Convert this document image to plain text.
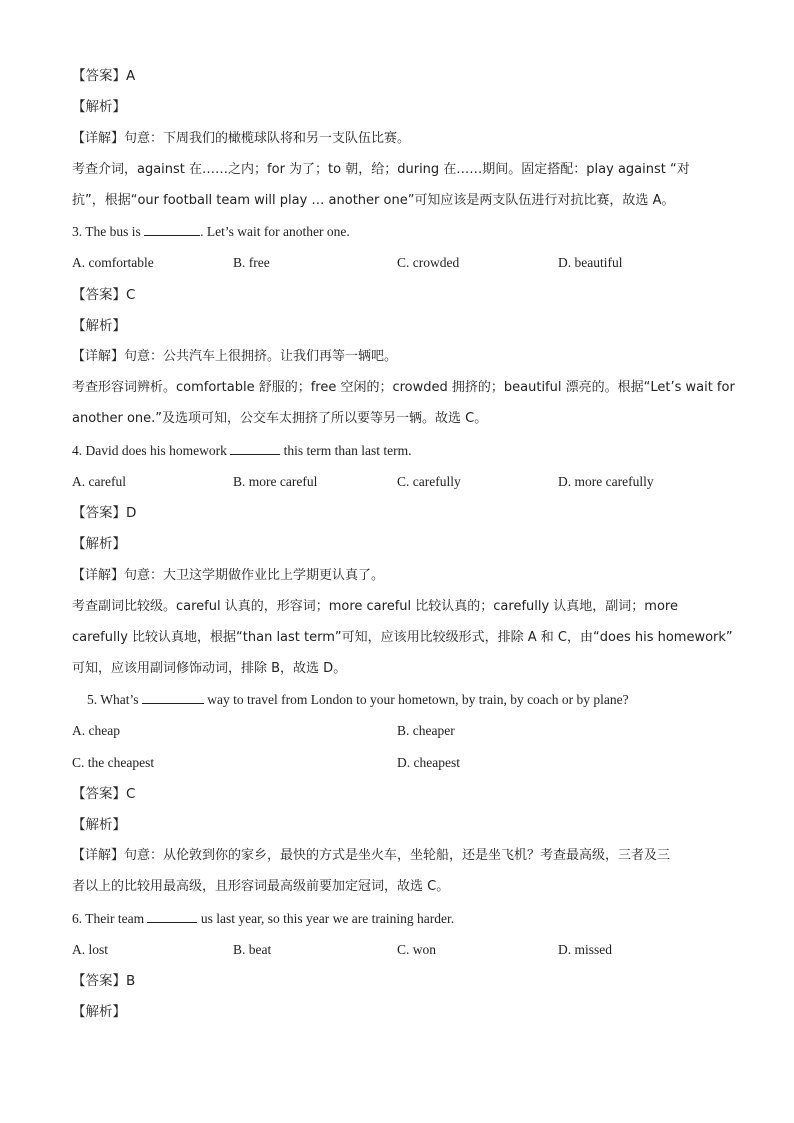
【答案】A
【解析】
【详解】句意：下周我们的橄榄球队将和另一支队伍比赛。
考查介词，against 在……之内；for 为了；to 朝，给；during 在……期间。固定搭配：play against “对
抗”，根据“our football team will play … another one”可知应该是两支队伍进行对抗比赛，故选 A。
3. The bus is	. Let’s wait for another one.
A. comfortable	B. free	C. crowded	D. beautiful
【答案】C
【解析】
【详解】句意：公共汽车上很拥挤。让我们再等一辆吧。
考查形容词辨析。comfortable 舒服的；free 空闲的；crowded 拥挤的；beautiful 漂亮的。根据“Let’s wait for
another one.”及选项可知，公交车太拥挤了所以要等另一辆。故选 C。
4. David does his homework	this term than last term.
A. careful	B. more careful	C. carefully	D. more carefully
【答案】D
【解析】
【详解】句意：大卫这学期做作业比上学期更认真了。
考查副词比较级。careful 认真的，形容词；more careful 比较认真的；carefully 认真地，副词；more
carefully 比较认真地，根据“than last term”可知，应该用比较级形式，排除 A 和 C，由“does his homework”
可知，应该用副词修饰动词，排除 B，故选 D。
5. What’s	way to travel from London to your hometown, by train, by coach or by plane?
A. cheap	B. cheaper
C. the cheapest	D. cheapest
【答案】C
【解析】
【详解】句意：从伦敦到你的家乡，最快的方式是坐火车，坐轮船，还是坐飞机？考查最高级，三者及三
者以上的比较用最高级，且形容词最高级前要加定冠词，故选 C。
6. Their team	us last year, so this year we are training harder.
A. lost	B. beat	C. won	D. missed
【答案】B
【解析】
